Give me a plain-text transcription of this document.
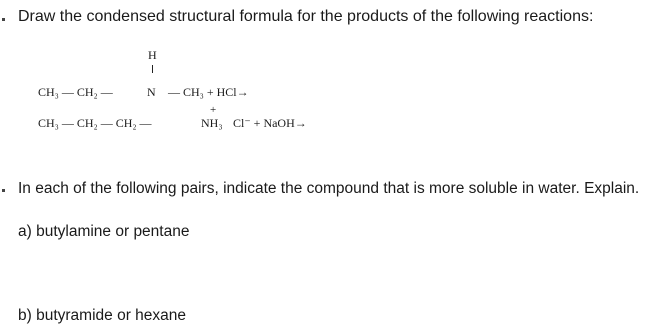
Draw the condensed structural formula for the products of the following reactions:
H
CH₃ — CH₂ —	N — CH₃ + HCl→
+
CH₃ — CH₂ — CH₂ —	NH₃ Cl⁻ + NaOH→
In each of the following pairs, indicate the compound that is more soluble in water. Explain.
a) butylamine or pentane
b) butyramide or hexane
